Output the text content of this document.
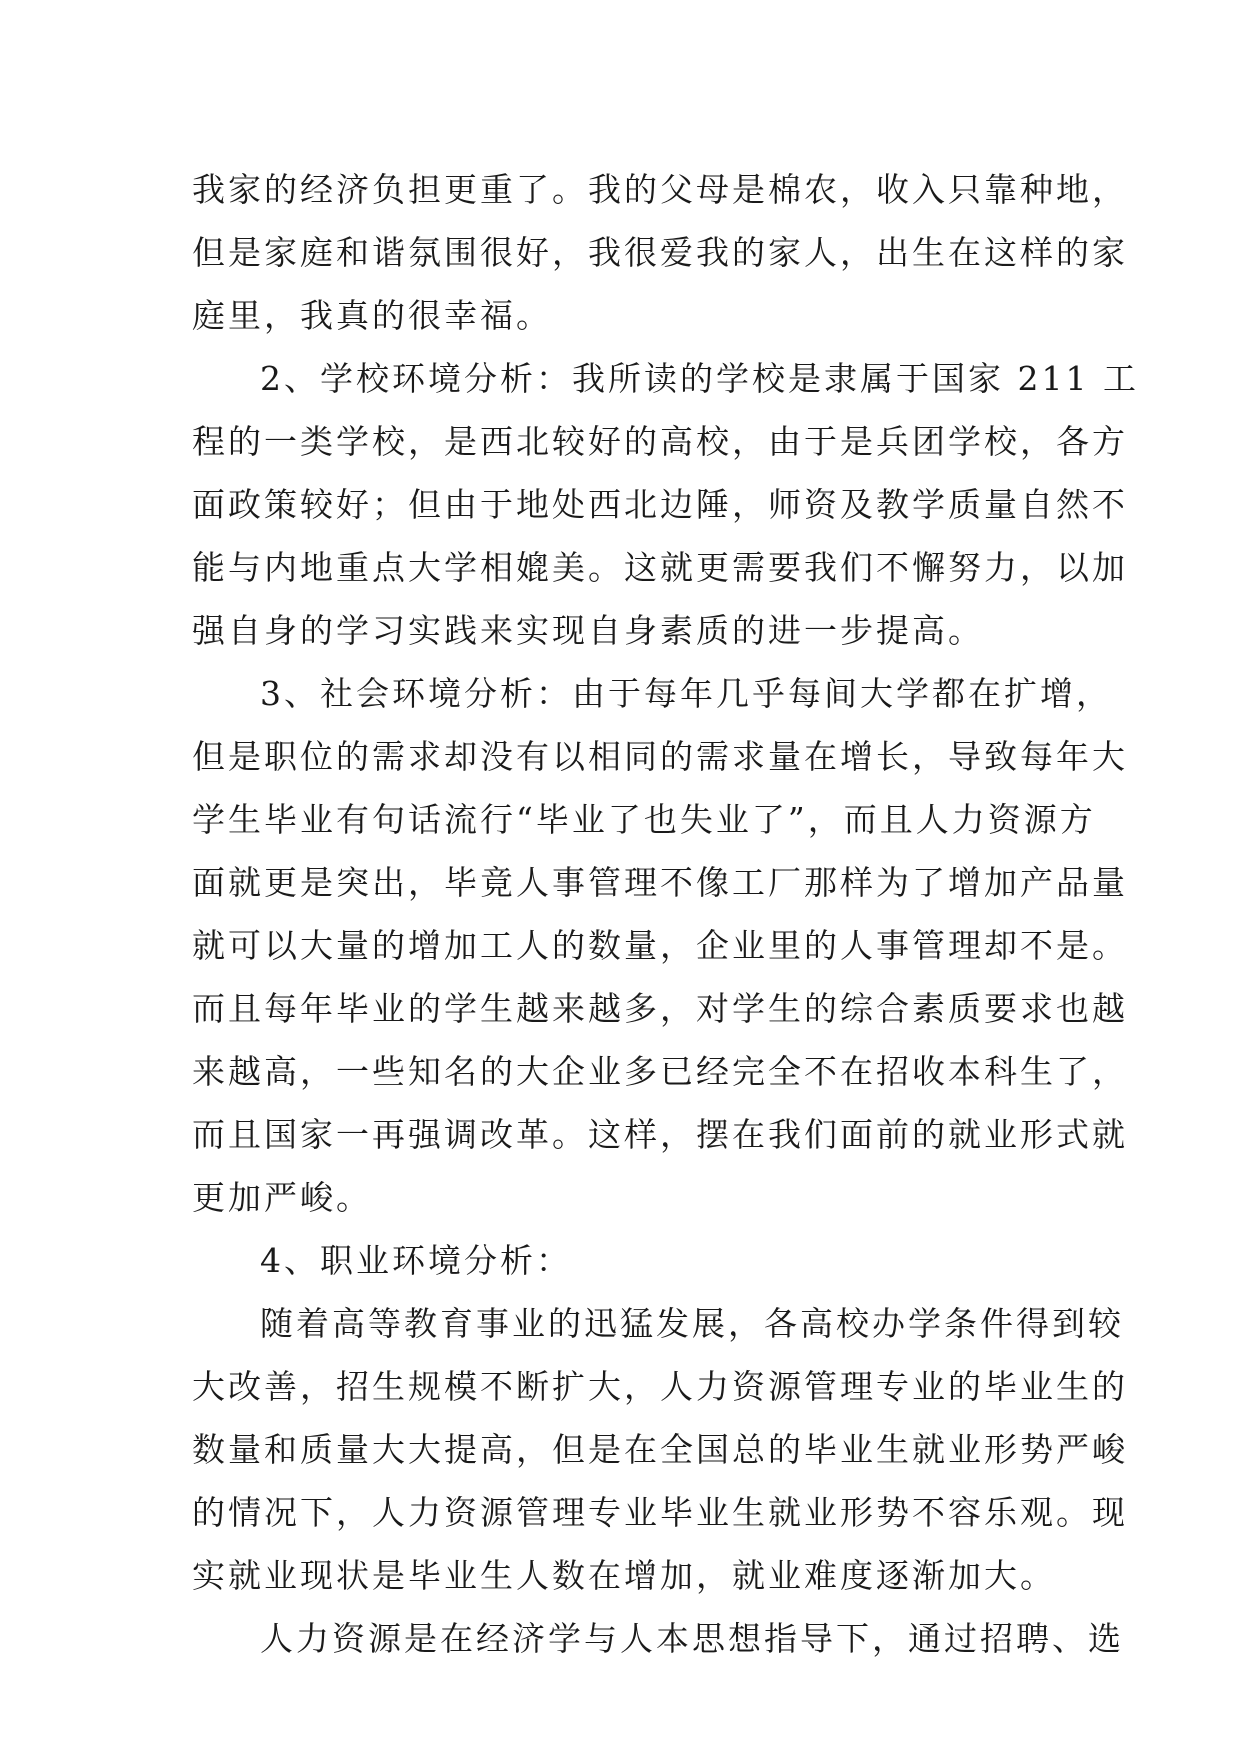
我家的经济负担更重了。我的父母是棉农，收入只靠种地，
但是家庭和谐氛围很好，我很爱我的家人，出生在这样的家
庭里，我真的很幸福。
2、学校环境分析：我所读的学校是隶属于国家 211 工
程的一类学校，是西北较好的高校，由于是兵团学校，各方
面政策较好；但由于地处西北边陲，师资及教学质量自然不
能与内地重点大学相媲美。这就更需要我们不懈努力，以加
强自身的学习实践来实现自身素质的进一步提高。
3、社会环境分析：由于每年几乎每间大学都在扩增，
但是职位的需求却没有以相同的需求量在增长，导致每年大
学生毕业有句话流行“毕业了也失业了”，而且人力资源方
面就更是突出，毕竟人事管理不像工厂那样为了增加产品量
就可以大量的增加工人的数量，企业里的人事管理却不是。
而且每年毕业的学生越来越多，对学生的综合素质要求也越
来越高，一些知名的大企业多已经完全不在招收本科生了，
而且国家一再强调改革。这样，摆在我们面前的就业形式就
更加严峻。
4、职业环境分析：
随着高等教育事业的迅猛发展，各高校办学条件得到较
大改善，招生规模不断扩大，人力资源管理专业的毕业生的
数量和质量大大提高，但是在全国总的毕业生就业形势严峻
的情况下，人力资源管理专业毕业生就业形势不容乐观。现
实就业现状是毕业生人数在增加，就业难度逐渐加大。
人力资源是在经济学与人本思想指导下，通过招聘、选
